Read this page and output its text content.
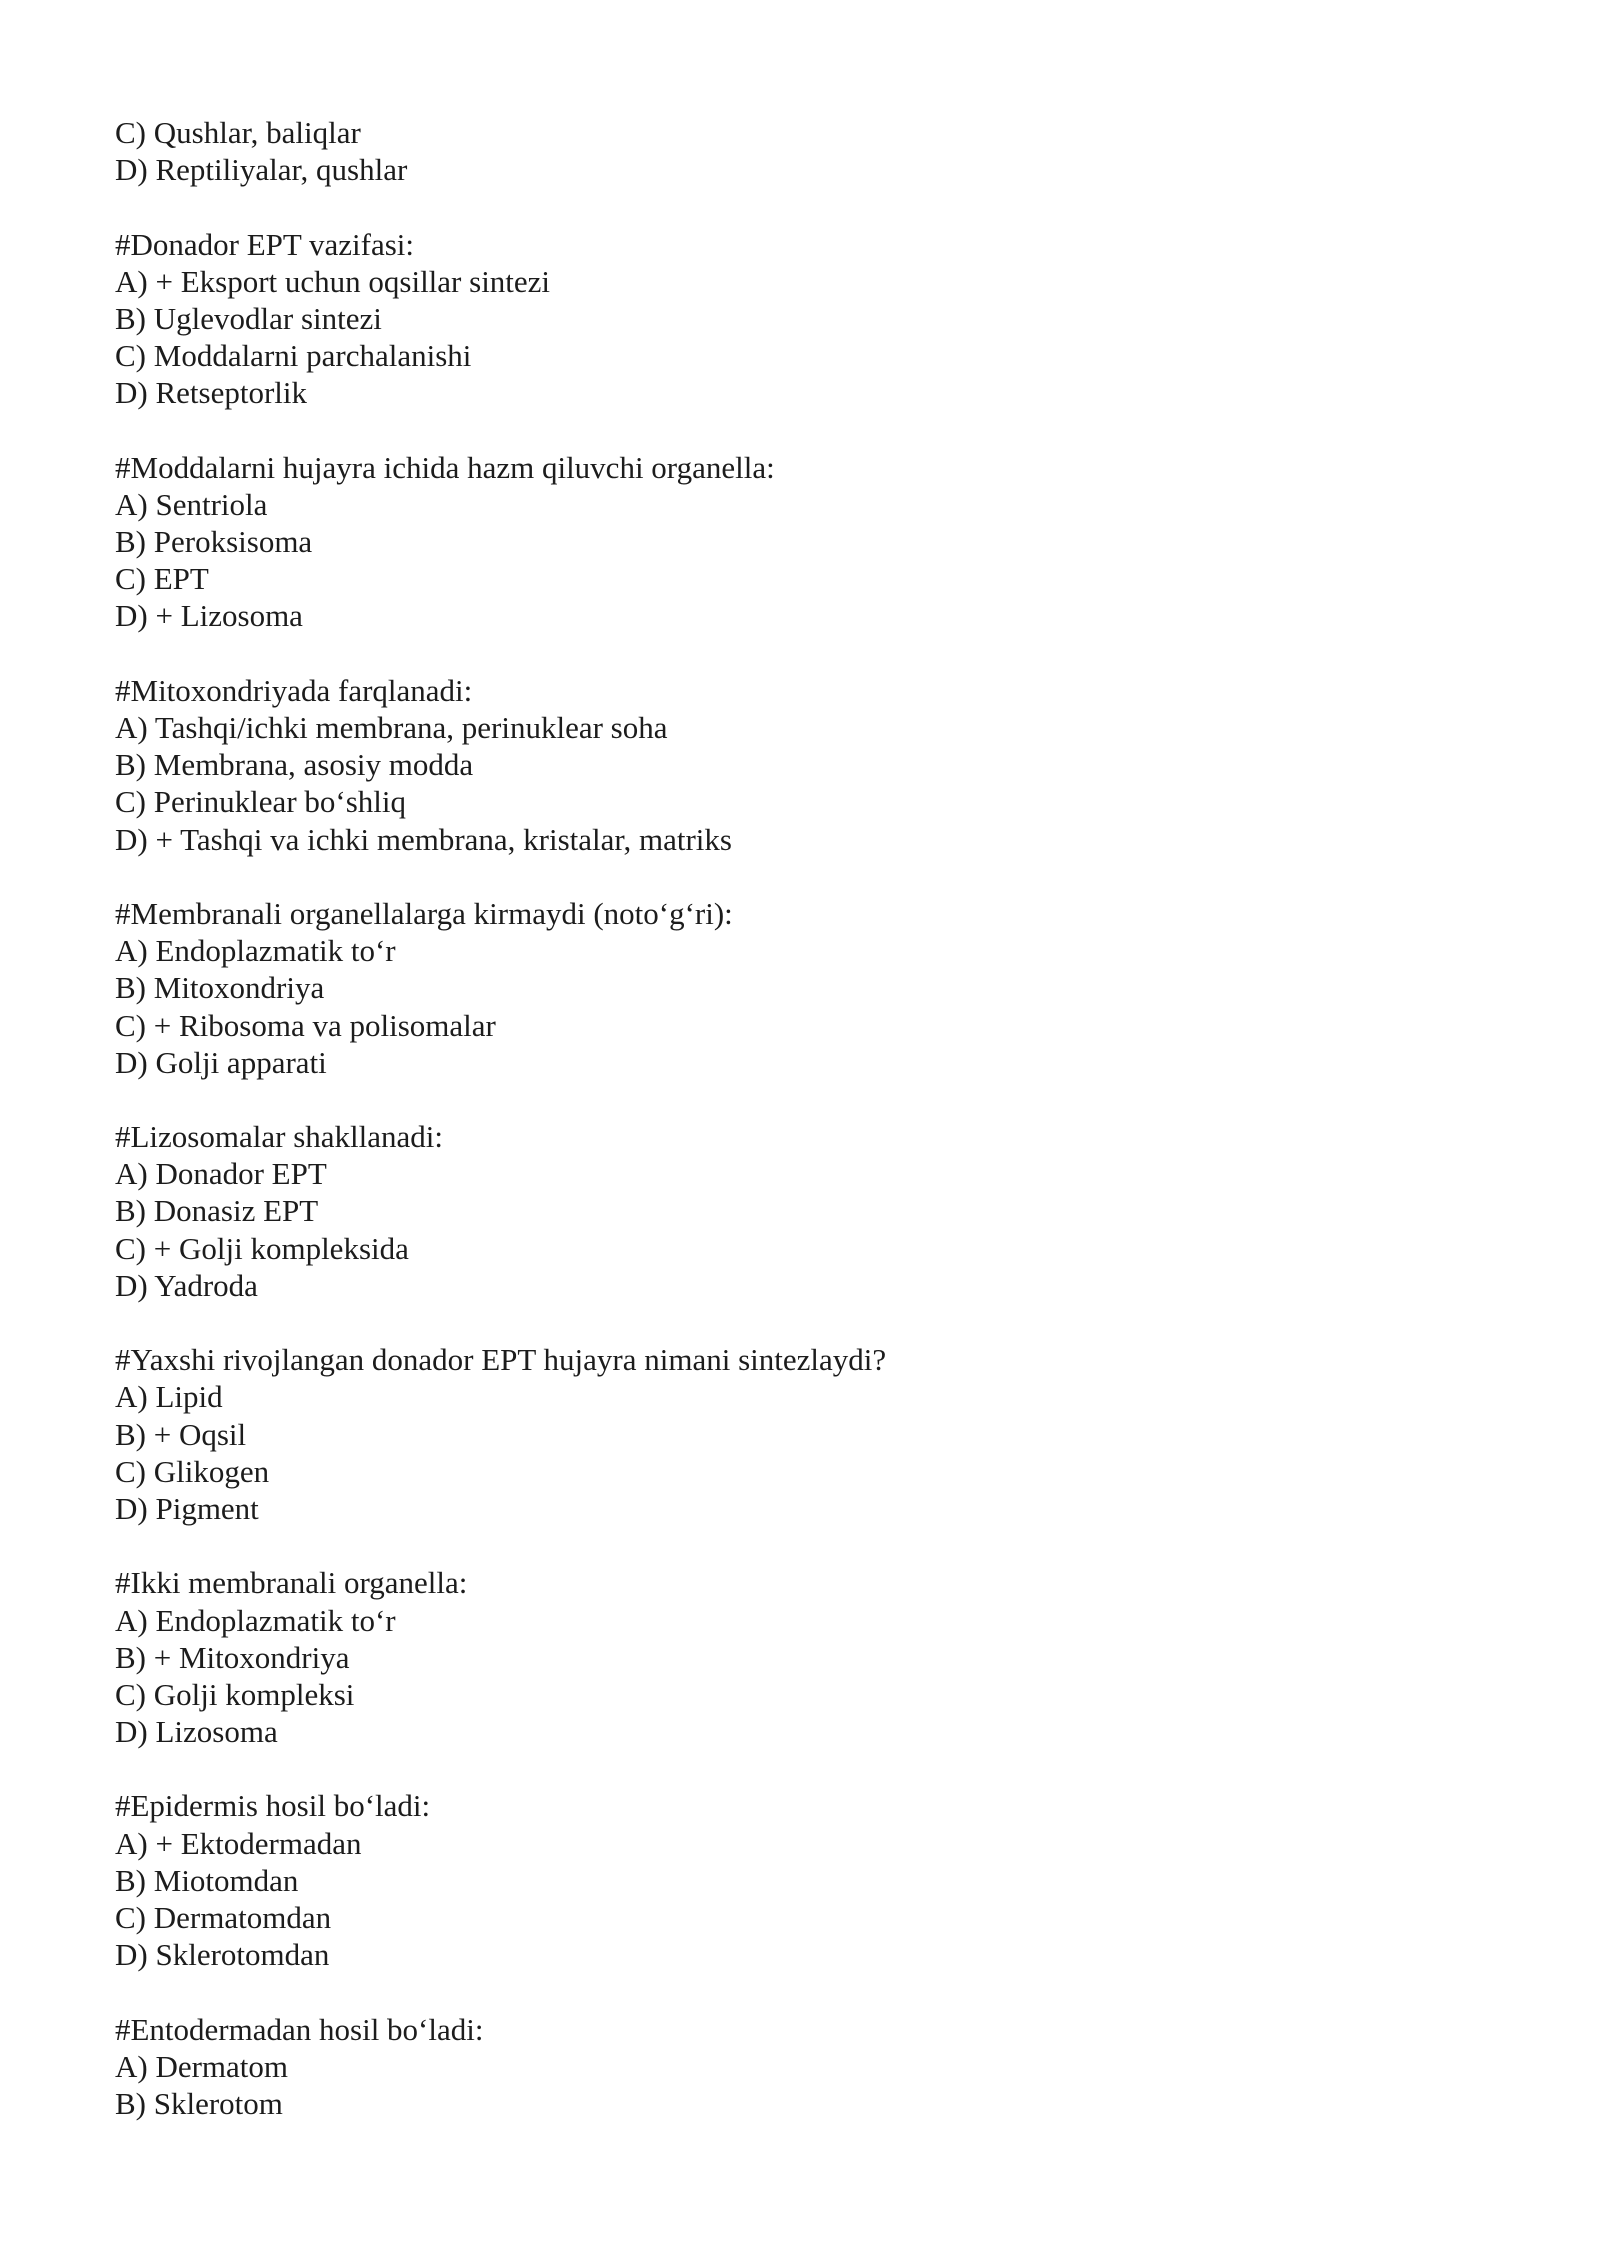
C) Qushlar, baliqlar

D) Reptiliyalar, qushlar

#Donador EPT vazifasi:

A) + Eksport uchun oqsillar sintezi

B) Uglevodlar sintezi

C) Moddalarni parchalanishi

D) Retseptorlik

#Moddalarni hujayra ichida hazm qiluvchi organella:

A) Sentriola

B) Peroksisoma

C) EPT

D) + Lizosoma

#Mitoxondriyada farqlanadi:

A) Tashqi/ichki membrana, perinuklear soha

B) Membrana, asosiy modda

C) Perinuklear bo‘shliq

D) + Tashqi va ichki membrana, kristalar, matriks

#Membranali organellalarga kirmaydi (noto‘g‘ri):

A) Endoplazmatik to‘r

B) Mitoxondriya

C) + Ribosoma va polisomalar

D) Golji apparati

#Lizosomalar shakllanadi:

A) Donador EPT

B) Donasiz EPT

C) + Golji kompleksida

D) Yadroda

#Yaxshi rivojlangan donador EPT hujayra nimani sintezlaydi?

A) Lipid

B) + Oqsil

C) Glikogen

D) Pigment

#Ikki membranali organella:

A) Endoplazmatik to‘r

B) + Mitoxondriya

C) Golji kompleksi

D) Lizosoma

#Epidermis hosil bo‘ladi:

A) + Ektodermadan

B) Miotomdan

C) Dermatomdan

D) Sklerotomdan

#Entodermadan hosil bo‘ladi:

A) Dermatom

B) Sklerotom
